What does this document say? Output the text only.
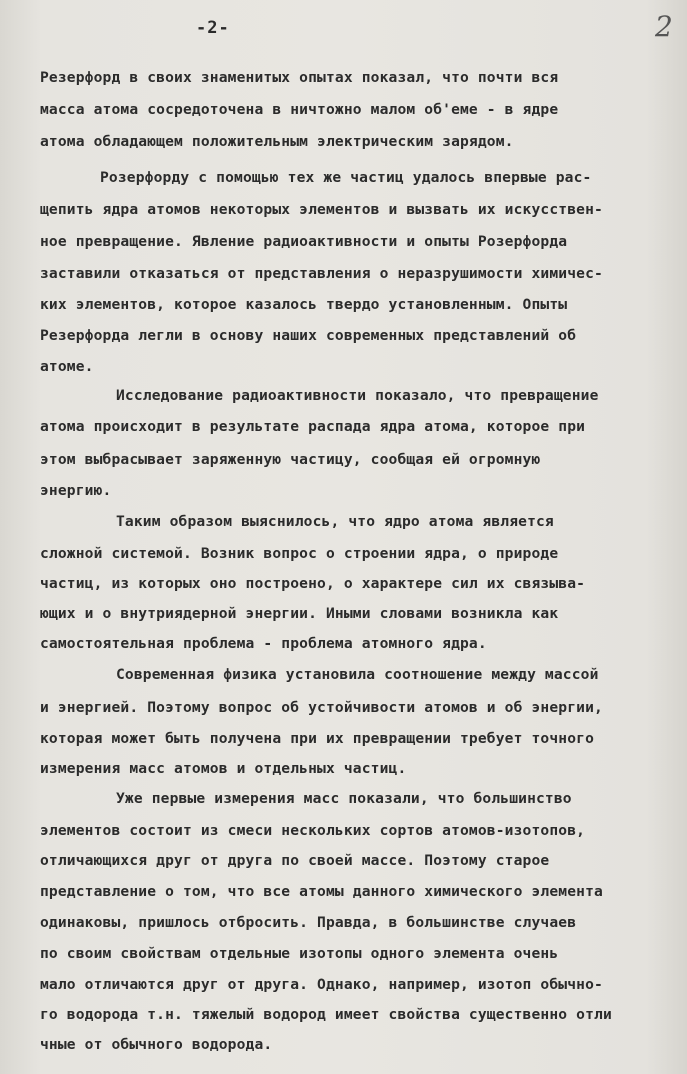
-2-	2
Резерфорд в своих знаменитых опытах показал, что почти вся
масса атома сосредоточена в ничтожно малом об'еме - в ядре
атома обладающем положительным электрическим зарядом.
Розерфорду с помощью тех же частиц удалось впервые рас-
щепить ядра атомов некоторых элементов и вызвать их искусствен-
ное превращение. Явление радиоактивности и опыты Розерфорда
заставили отказаться от представления о неразрушимости химичес-
ких элементов, которое казалось твердо установленным. Опыты
Резерфорда легли в основу наших современных представлений об
атоме.
Исследование радиоактивности показало, что превращение
атома происходит в результате распада ядра атома, которое при
этом выбрасывает заряженную частицу, сообщая ей огромную
энергию.
Таким образом выяснилось, что ядро атома является
сложной системой. Возник вопрос о строении ядра, о природе
частиц, из которых оно построено, о характере сил их связыва-
ющих и о внутриядерной энергии. Иными словами возникла как
самостоятельная проблема - проблема атомного ядра.
Современная физика установила соотношение между массой
и энергией. Поэтому вопрос об устойчивости атомов и об энергии,
которая может быть получена при их превращении требует точного
измерения масс атомов и отдельных частиц.
Уже первые измерения масс показали, что большинство
элементов состоит из смеси нескольких сортов атомов-изотопов,
отличающихся друг от друга по своей массе. Поэтому старое
представление о том, что все атомы данного химического элемента
одинаковы, пришлось отбросить. Правда, в большинстве случаев
по своим свойствам отдельные изотопы одного элемента очень
мало отличаются друг от друга. Однако, например, изотоп обычно-
го водорода т.н. тяжелый водород имеет свойства существенно отли
чные от обычного водорода.
